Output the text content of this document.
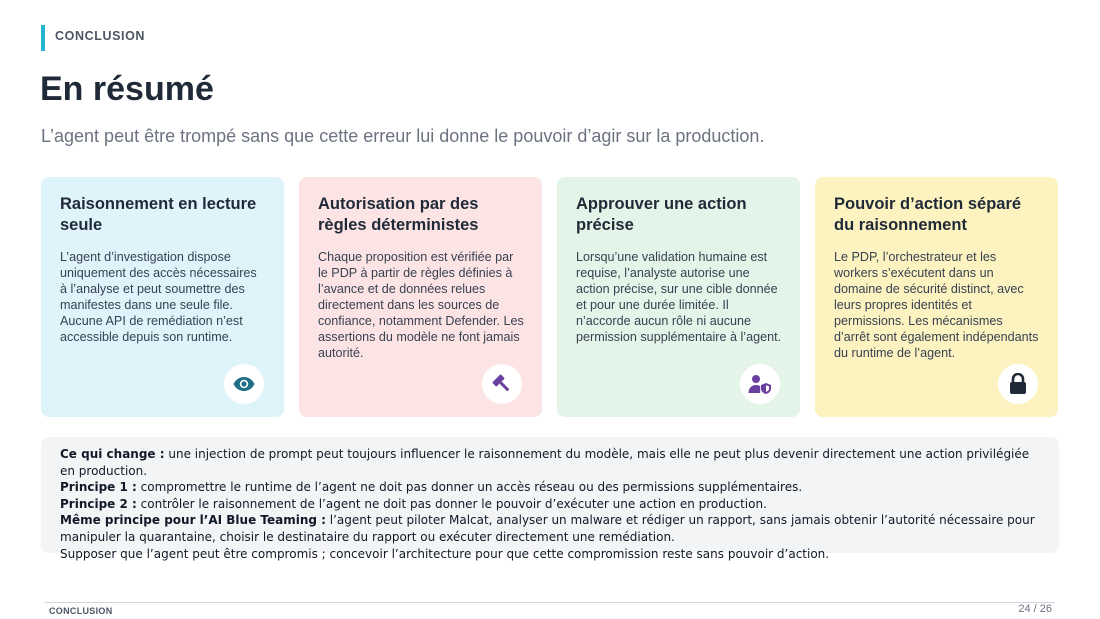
CONCLUSION
En résumé

L’agent peut être trompé sans que cette erreur lui donne le pouvoir d’agir sur la production.

Raisonnement en lecture seule

L’agent d’investigation dispose uniquement des accès nécessaires à l’analyse et peut soumettre des manifestes dans une seule file. Aucune API de remédiation n’est accessible depuis son runtime.

Autorisation par des règles déterministes

Chaque proposition est vérifiée par le PDP à partir de règles définies à l’avance et de données relues directement dans les sources de confiance, notamment Defender. Les assertions du modèle ne font jamais autorité.

Approuver une action précise

Lorsqu’une validation humaine est requise, l’analyste autorise une action précise, sur une cible donnée et pour une durée limitée. Il n’accorde aucun rôle ni aucune permission supplémentaire à l’agent.

Pouvoir d’action séparé du raisonnement

Le PDP, l’orchestrateur et les workers s’exécutent dans un domaine de sécurité distinct, avec leurs propres identités et permissions. Les mécanismes d’arrêt sont également indépendants du runtime de l’agent.

Ce qui change : une injection de prompt peut toujours influencer le raisonnement du modèle, mais elle ne peut plus devenir directement une action privilégiée en production.

Principe 1 : compromettre le runtime de l’agent ne doit pas donner un accès réseau ou des permissions supplémentaires.

Principe 2 : contrôler le raisonnement de l’agent ne doit pas donner le pouvoir d’exécuter une action en production.

Même principe pour l’AI Blue Teaming : l’agent peut piloter Malcat, analyser un malware et rédiger un rapport, sans jamais obtenir l’autorité nécessaire pour manipuler la quarantaine, choisir le destinataire du rapport ou exécuter directement une remédiation.

Supposer que l’agent peut être compromis ; concevoir l’architecture pour que cette compromission reste sans pouvoir d’action.

CONCLUSION	24 / 26
